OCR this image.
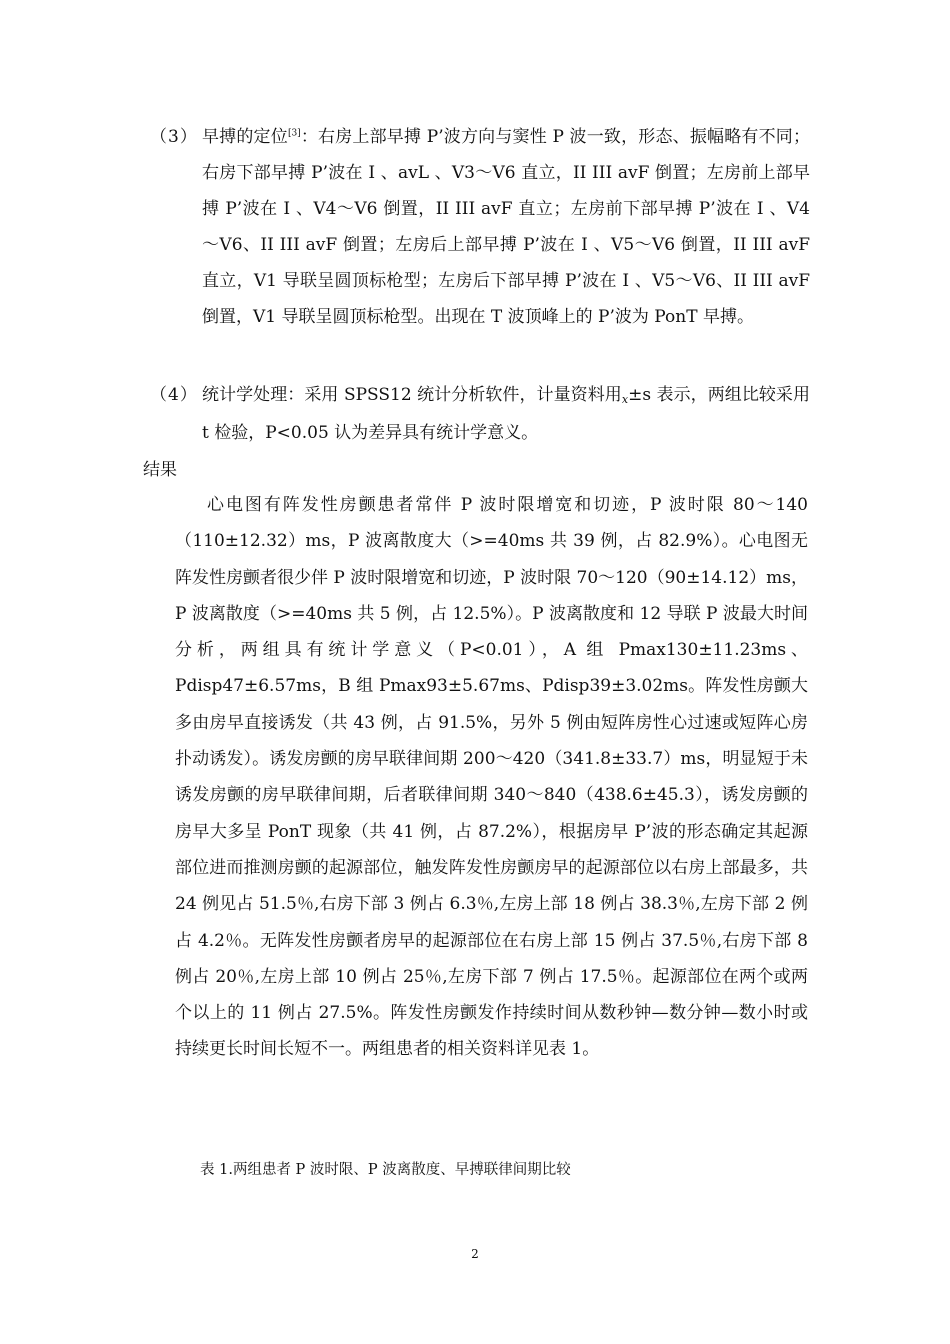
（3） 早搏的定位[3]：右房上部早搏 P’波方向与窦性 P 波一致，形态、振幅略有不同；右房下部早搏 P’波在 I 、avL 、V3～V6 直立，II III avF 倒置；左房前上部早搏 P’波在 I 、V4～V6 倒置，II III avF 直立；左房前下部早搏 P’波在 I 、V4～V6、II III avF 倒置；左房后上部早搏 P’波在 I 、V5～V6 倒置，II III avF 直立，V1 导联呈圆顶标枪型；左房后下部早搏 P’波在 I 、V5～V6、II III avF 倒置，V1 导联呈圆顶标枪型。出现在 T 波顶峰上的 P’波为 PonT 早搏。
（4） 统计学处理：采用 SPSS12 统计分析软件，计量资料用x±s 表示，两组比较采用 t 检验，P<0.05 认为差异具有统计学意义。
结果
心电图有阵发性房颤患者常伴 P 波时限增宽和切迹，P 波时限 80～140（110±12.32）ms，P 波离散度大（>=40ms 共 39 例，占 82.9%）。心电图无阵发性房颤者很少伴 P 波时限增宽和切迹，P 波时限 70～120（90±14.12）ms，P 波离散度（>=40ms 共 5 例，占 12.5%）。P 波离散度和 12 导联 P 波最大时间分析，两组具有统计学意义（P<0.01），A 组 Pmax130±11.23ms、Pdisp47±6.57ms，B 组 Pmax93±5.67ms、Pdisp39±3.02ms。阵发性房颤大多由房早直接诱发（共 43 例，占 91.5%，另外 5 例由短阵房性心过速或短阵心房扑动诱发）。诱发房颤的房早联律间期 200～420（341.8±33.7）ms，明显短于未诱发房颤的房早联律间期，后者联律间期 340～840（438.6±45.3），诱发房颤的房早大多呈 PonT 现象（共 41 例，占 87.2%），根据房早 P’波的形态确定其起源部位进而推测房颤的起源部位，触发阵发性房颤房早的起源部位以右房上部最多，共 24 例见占 51.5％,右房下部 3 例占 6.3％,左房上部 18 例占 38.3％,左房下部 2 例占 4.2％。无阵发性房颤者房早的起源部位在右房上部 15 例占 37.5％,右房下部 8 例占 20％,左房上部 10 例占 25％,左房下部 7 例占 17.5％。起源部位在两个或两个以上的 11 例占 27.5%。阵发性房颤发作持续时间从数秒钟—数分钟—数小时或持续更长时间长短不一。两组患者的相关资料详见表 1。
表 1.两组患者 P 波时限、P 波离散度、早搏联律间期比较
2
